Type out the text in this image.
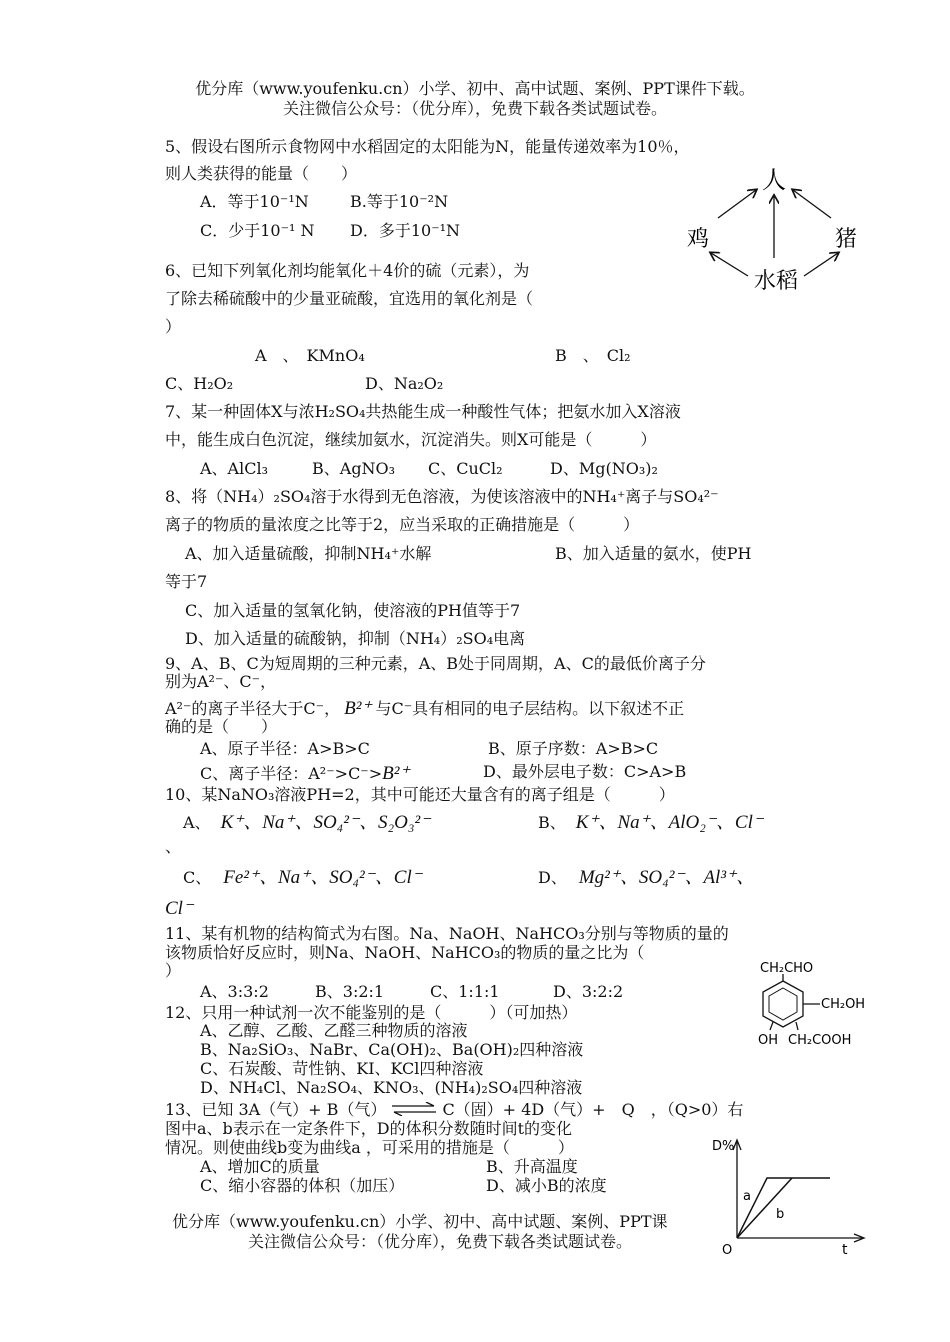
优分库（www.youfenku.cn）小学、初中、高中试题、案例、PPT课件下载。
关注微信公众号：（优分库），免费下载各类试题试卷。
5、假设右图所示食物网中水稻固定的太阳能为N，能量传递效率为10％，
则人类获得的能量（　　）
A．等于10⁻¹N	B.等于10⁻²N
C．少于10⁻¹ N D．多于10⁻¹N
人
鸡	猪
水稻
6、已知下列氧化剂均能氧化＋4价的硫（元素），为
了除去稀硫酸中的少量亚硫酸，宜选用的氧化剂是（
）
A　、　KMnO₄	B　、　Cl₂
C、H₂O₂	D、Na₂O₂
7、某一种固体X与浓H₂SO₄共热能生成一种酸性气体；把氨水加入X溶液
中，能生成白色沉淀，继续加氨水，沉淀消失。则X可能是（　　　）
A、AlCl₃	B、AgNO₃ C、CuCl₂	D、Mg(NO₃)₂
8、将（NH₄）₂SO₄溶于水得到无色溶液，为使该溶液中的NH₄⁺离子与SO₄²⁻
离子的物质的量浓度之比等于2，应当采取的正确措施是（　　　）
A、加入适量硫酸，抑制NH₄⁺水解	B、加入适量的氨水，使PH
等于7
C、加入适量的氢氧化钠，使溶液的PH值等于7
D、加入适量的硫酸钠，抑制（NH₄）₂SO₄电离
9、A、B、C为短周期的三种元素，A、B处于同周期，A、C的最低价离子分
别为A²⁻、C⁻，
A²⁻的离子半径大于C⁻， B²⁺ 与C⁻具有相同的电子层结构。以下叙述不正
确的是（　　）
A、原子半径：A>B>C	B、原子序数：A>B>C
C、离子半径：A²⁻>C⁻>B²⁺	D、最外层电子数：C>A>B
10、某NaNO₃溶液PH=2，其中可能还大量含有的离子组是（　　　）
A、 K⁺、Na⁺、SO₄²⁻、S₂O₃²⁻	B、 K⁺、Na⁺、AlO₂⁻、Cl⁻
、
C、 Fe²⁺、Na⁺、SO₄²⁻、Cl⁻	D、 Mg²⁺、SO₄²⁻、Al³⁺、
Cl⁻
11、某有机物的结构简式为右图。Na、NaOH、NaHCO₃分别与等物质的量的
该物质恰好反应时，则Na、NaOH、NaHCO₃的物质的量之比为（
）
A、3:3:2	B、3:2:1	C、1:1:1	D、3:2:2
CH₂CHO
CH₂OH
OH CH₂COOH
12、只用一种试剂一次不能鉴别的是（　　　）（可加热）
A、乙醇、乙酸、乙醛三种物质的溶液
B、Na₂SiO₃、NaBr、Ca(OH)₂、Ba(OH)₂四种溶液
C、石炭酸、苛性钠、KI、KCl四种溶液
D、NH₄Cl、Na₂SO₄、KNO₃、(NH₄)₂SO₄四种溶液
13、已知 3A（气）+ B（气） ⇌ C（固）+ 4D（气）+　Q　，（Q>0）右
图中a、b表示在一定条件下，D的体积分数随时间t的变化
情况。则使曲线b变为曲线a ，可采用的措施是（　　　）
A、增加C的质量	B、升高温度
C、缩小容器的体积（加压）	D、减小B的浓度
D%
t
O
a
b
优分库（www.youfenku.cn）小学、初中、高中试题、案例、PPT课
关注微信公众号：（优分库），免费下载各类试题试卷。
